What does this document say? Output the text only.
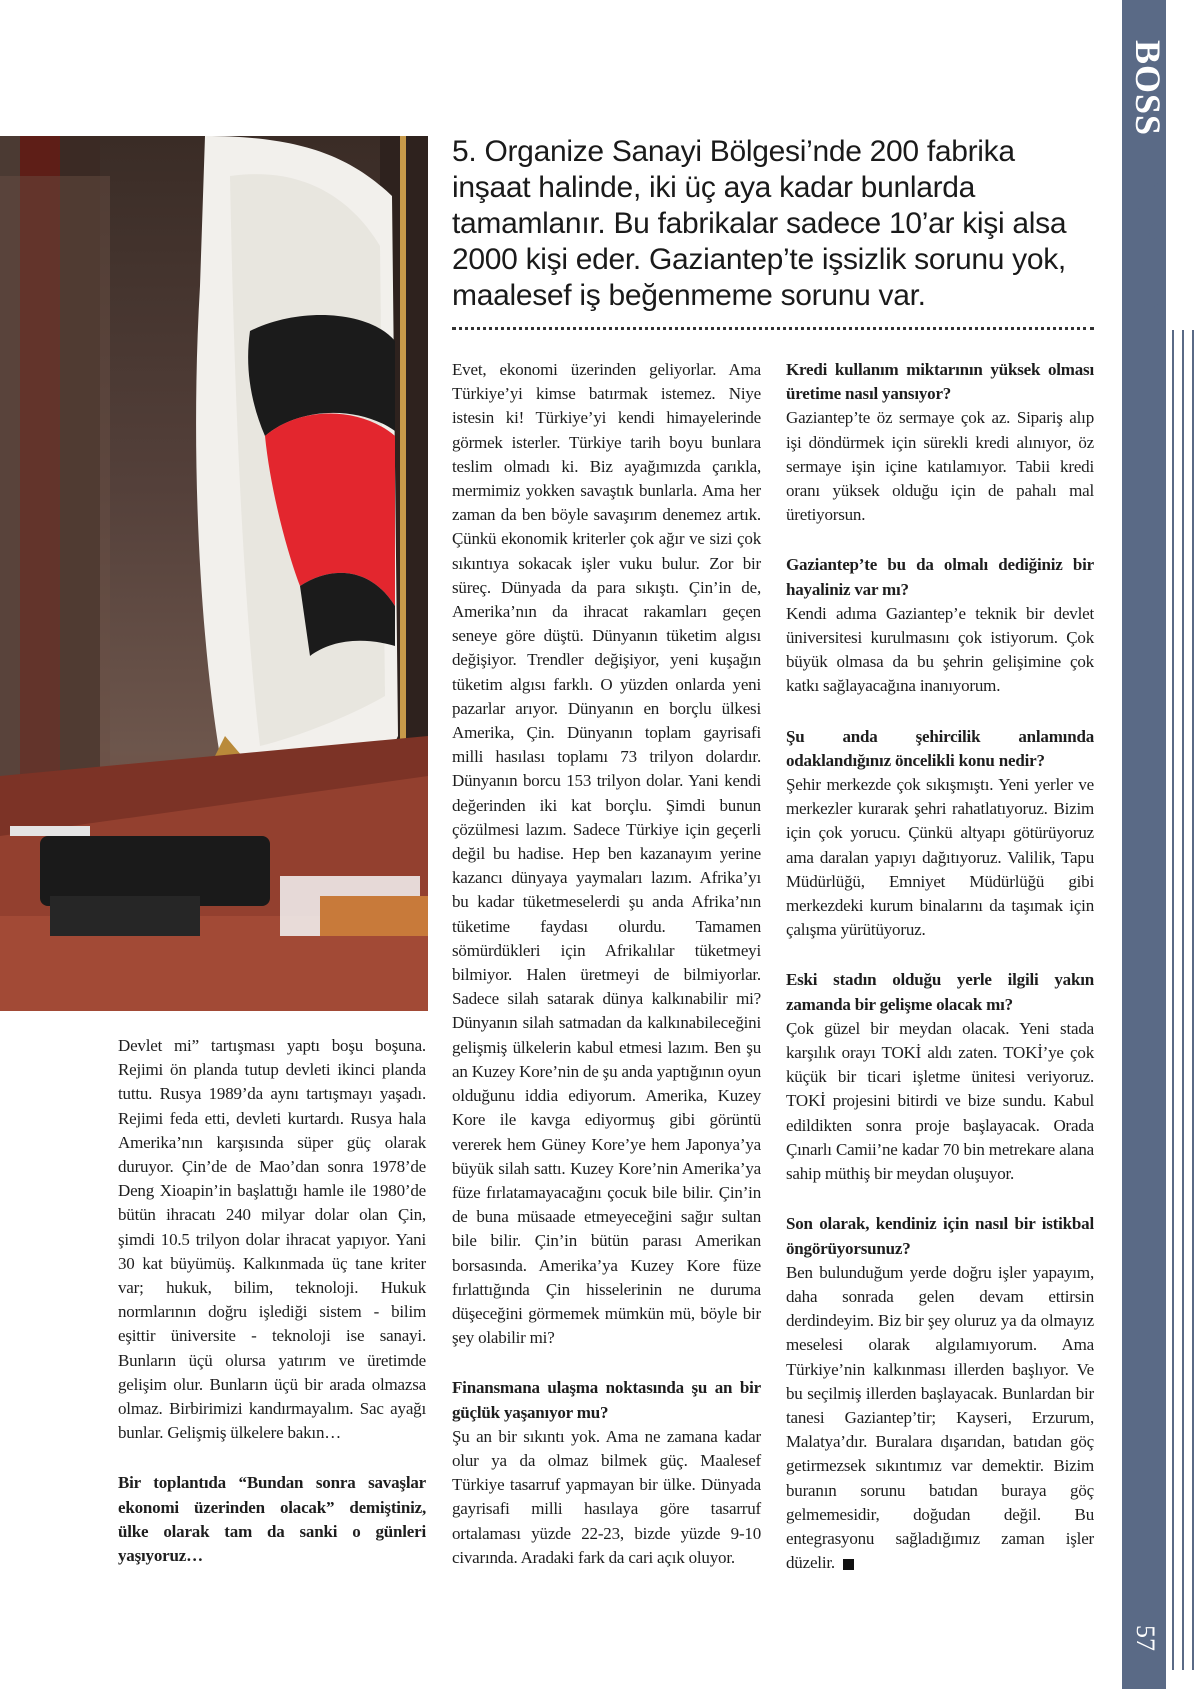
BOSS
SÖYLEŞİ
57
5. Organize Sanayi Bölgesi’nde 200 fabrika inşaat halinde, iki üç aya kadar bunlarda tamamlanır. Bu fabrikalar sadece 10’ar kişi alsa 2000 kişi eder. Gaziantep’te işsizlik sorunu yok, maalesef iş beğenmeme sorunu var.

Devlet mi” tartışması yaptı boşu boşuna. Rejimi ön planda tutup devleti ikinci planda tuttu. Rusya 1989’da aynı tartışmayı yaşadı. Rejimi feda etti, devleti kurtardı. Rusya hala Amerika’nın karşısında süper güç olarak duruyor. Çin’de de Mao’dan sonra 1978’de Deng Xioapin’in başlattığı hamle ile 1980’de bütün ihracatı 240 milyar dolar olan Çin, şimdi 10.5 trilyon dolar ihracat yapıyor. Yani 30 kat büyümüş. Kalkınmada üç tane kriter var; hukuk, bilim, teknoloji. Hukuk normlarının doğru işlediği sistem - bilim eşittir üniversite - teknoloji ise sanayi. Bunların üçü olursa yatırım ve üretimde gelişim olur. Bunların üçü bir arada olmazsa olmaz. Birbirimizi kandırmayalım. Sac ayağı bunlar. Gelişmiş ülkelere bakın…

Bir toplantıda “Bundan sonra savaşlar ekonomi üzerinden olacak” demiştiniz, ülke olarak tam da sanki o günleri yaşıyoruz…

Evet, ekonomi üzerinden geliyorlar. Ama Türkiye’yi kimse batırmak istemez. Niye istesin ki! Türkiye’yi kendi himayelerinde görmek isterler. Türkiye tarih boyu bunlara teslim olmadı ki. Biz ayağımızda çarıkla, mermimiz yokken savaştık bunlarla. Ama her zaman da ben böyle savaşırım denemez artık. Çünkü ekonomik kriterler çok ağır ve sizi çok sıkıntıya sokacak işler vuku bulur. Zor bir süreç. Dünyada da para sıkıştı. Çin’in de, Amerika’nın da ihracat rakamları geçen seneye göre düştü. Dünyanın tüketim algısı değişiyor. Trendler değişiyor, yeni kuşağın tüketim algısı farklı. O yüzden onlarda yeni pazarlar arıyor. Dünyanın en borçlu ülkesi Amerika, Çin. Dünyanın toplam gayrisafi milli hasılası toplamı 73 trilyon dolardır. Dünyanın borcu 153 trilyon dolar. Yani kendi değerinden iki kat borçlu. Şimdi bunun çözülmesi lazım. Sadece Türkiye için geçerli değil bu hadise. Hep ben kazanayım yerine kazancı dünyaya yaymaları lazım. Afrika’yı bu kadar tüketmeselerdi şu anda Afrika’nın tüketime faydası olurdu. Tamamen sömürdükleri için Afrikalılar tüketmeyi bilmiyor. Halen üretmeyi de bilmiyorlar. Sadece silah satarak dünya kalkınabilir mi? Dünyanın silah satmadan da kalkınabileceğini gelişmiş ülkelerin kabul etmesi lazım. Ben şu an Kuzey Kore’nin de şu anda yaptığının oyun olduğunu iddia ediyorum. Amerika, Kuzey Kore ile kavga ediyormuş gibi görüntü vererek hem Güney Kore’ye hem Japonya’ya büyük silah sattı. Kuzey Kore’nin Amerika’ya füze fırlatamayacağını çocuk bile bilir. Çin’in de buna müsaade etmeyeceğini sağır sultan bile bilir. Çin’in bütün parası Amerikan borsasında. Amerika’ya Kuzey Kore füze fırlattığında Çin hisselerinin ne duruma düşeceğini görmemek mümkün mü, böyle bir şey olabilir mi?

Finansmana ulaşma noktasında şu an bir güçlük yaşanıyor mu?

Şu an bir sıkıntı yok. Ama ne zamana kadar olur ya da olmaz bilmek güç. Maalesef Türkiye tasarruf yapmayan bir ülke. Dünyada gayrisafi milli hasılaya göre tasarruf ortalaması yüzde 22-23, bizde yüzde 9-10 civarında. Aradaki fark da cari açık oluyor.

Kredi kullanım miktarının yüksek olması üretime nasıl yansıyor?

Gaziantep’te öz sermaye çok az. Sipariş alıp işi döndürmek için sürekli kredi alınıyor, öz sermaye işin içine katılamıyor. Tabii kredi oranı yüksek olduğu için de pahalı mal üretiyorsun.

Gaziantep’te bu da olmalı dediğiniz bir hayaliniz var mı?

Kendi adıma Gaziantep’e teknik bir devlet üniversitesi kurulmasını çok istiyorum. Çok büyük olmasa da bu şehrin gelişimine çok katkı sağlayacağına inanıyorum.

Şu anda şehircilik anlamında odaklandığınız öncelikli konu nedir?

Şehir merkezde çok sıkışmıştı. Yeni yerler ve merkezler kurarak şehri rahatlatıyoruz. Bizim için çok yorucu. Çünkü altyapı götürüyoruz ama daralan yapıyı dağıtıyoruz. Valilik, Tapu Müdürlüğü, Emniyet Müdürlüğü gibi merkezdeki kurum binalarını da taşımak için çalışma yürütüyoruz.

Eski stadın olduğu yerle ilgili yakın zamanda bir gelişme olacak mı?

Çok güzel bir meydan olacak. Yeni stada karşılık orayı TOKİ aldı zaten. TOKİ’ye çok küçük bir ticari işletme ünitesi veriyoruz. TOKİ projesini bitirdi ve bize sundu. Kabul edildikten sonra proje başlayacak. Orada Çınarlı Camii’ne kadar 70 bin metrekare alana sahip müthiş bir meydan oluşuyor.

Son olarak, kendiniz için nasıl bir istikbal öngörüyorsunuz?

Ben bulunduğum yerde doğru işler yapayım, daha sonrada gelen devam ettirsin derdindeyim. Biz bir şey oluruz ya da olmayız meselesi olarak algılamıyorum. Ama Türkiye’nin kalkınması illerden başlıyor. Ve bu seçilmiş illerden başlayacak. Bunlardan bir tanesi Gaziantep’tir; Kayseri, Erzurum, Malatya’dır. Buralara dışarıdan, batıdan göç getirmezsek sıkıntımız var demektir. Bizim buranın sorunu batıdan buraya göç gelmemesidir, doğudan değil. Bu entegrasyonu sağladığımız zaman işler düzelir.
